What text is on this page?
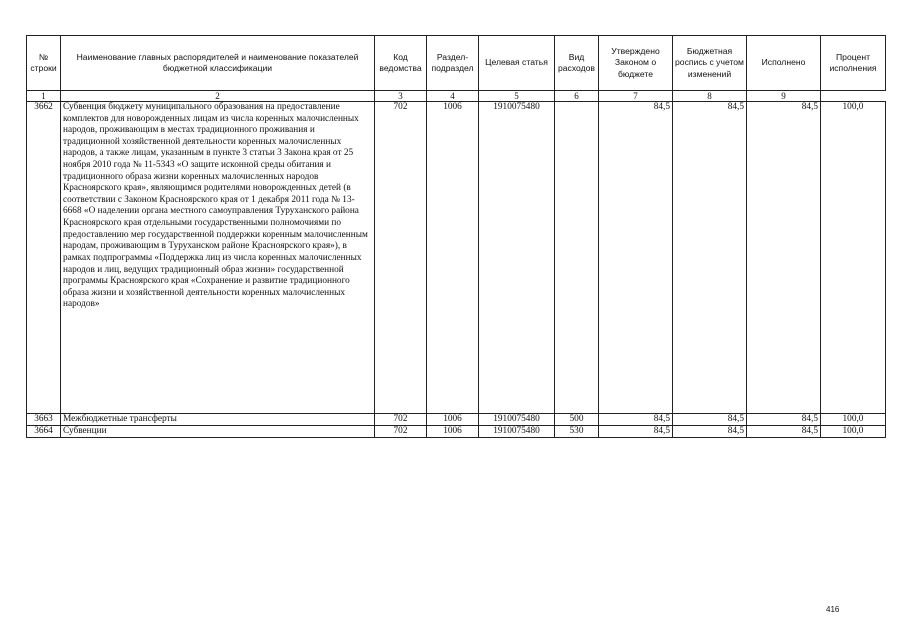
№ строки	Наименование главных распорядителей и наименование показателей бюджетной классификации	Код ведомства	Раздел- подраздел	Целевая статья	Вид расходов	Утверждено Законом о бюджете	Бюджетная роспись с учетом изменений	Исполнено	Процент исполнения
1	2	3	4	5	6	7	8	9	
3662	Субвенция бюджету муниципального образования на предоставление комплектов для новорожденных лицам из числа коренных малочисленных народов, проживающим в местах традиционного проживания и традиционной хозяйственной деятельности коренных малочисленных народов, а также лицам, указанным в пункте 3 статьи 3 Закона края от 25 ноября 2010 года № 11-5343 «О защите исконной среды обитания и традиционного образа жизни коренных малочисленных народов Красноярского края», являющимся родителями новорожденных детей (в соответствии с Законом Красноярского края от 1 декабря 2011 года № 13-6668 «О наделении органа местного самоуправления Туруханского района Красноярского края отдельными государственными полномочиями по предоставлению мер государственной поддержки коренным малочисленным народам, проживающим в Туруханском районе Красноярского края»), в рамках подпрограммы «Поддержка лиц из числа коренных малочисленных народов и лиц, ведущих традиционный образ жизни» государственной программы Красноярского края «Сохранение и развитие традиционного образа жизни и хозяйственной деятельности коренных малочисленных народов»	702	1006	1910075480		84,5	84,5	84,5	100,0
3663	Межбюджетные трансферты	702	1006	1910075480	500	84,5	84,5	84,5	100,0
3664	Субвенции	702	1006	1910075480	530	84,5	84,5	84,5	100,0
416
